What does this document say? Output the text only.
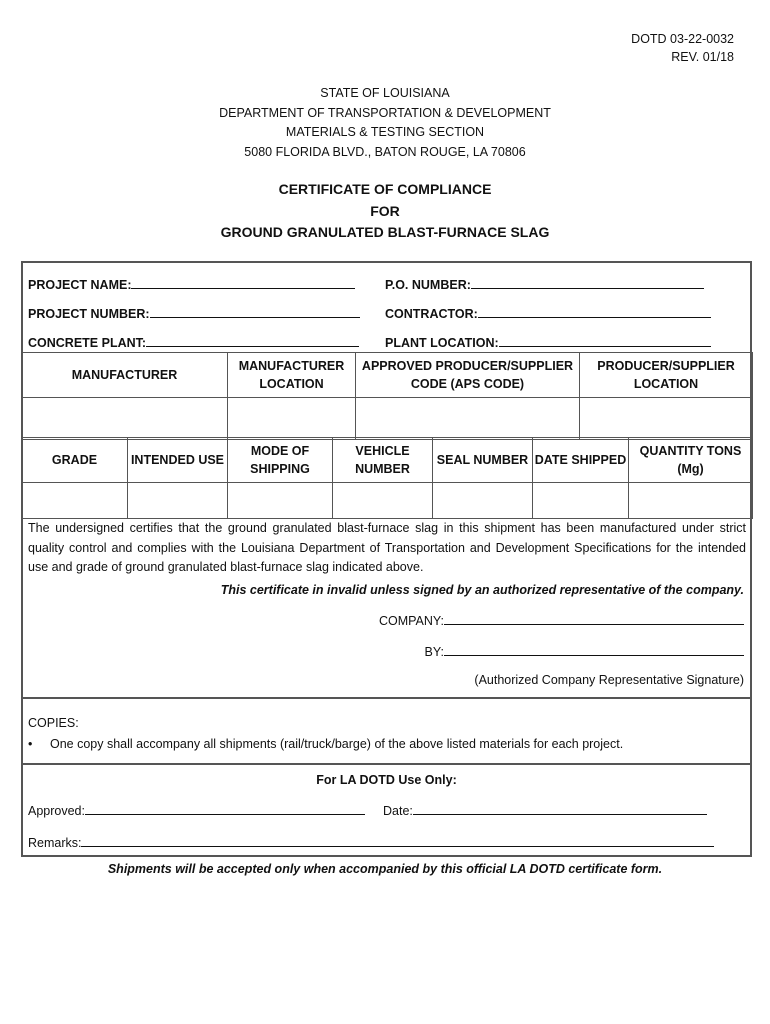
DOTD 03-22-0032
REV. 01/18
STATE OF LOUISIANA
DEPARTMENT OF TRANSPORTATION & DEVELOPMENT
MATERIALS & TESTING SECTION
5080 FLORIDA BLVD., BATON ROUGE, LA 70806
CERTIFICATE OF COMPLIANCE
FOR
GROUND GRANULATED BLAST-FURNACE SLAG
PROJECT NAME:	P.O. NUMBER:
PROJECT NUMBER:	CONTRACTOR:
CONCRETE PLANT:	PLANT LOCATION:
MANUFACTURER	MANUFACTURER LOCATION	APPROVED PRODUCER/SUPPLIER CODE (APS CODE)	PRODUCER/SUPPLIER LOCATION

GRADE	INTENDED USE	MODE OF SHIPPING	VEHICLE NUMBER	SEAL NUMBER	DATE SHIPPED	QUANTITY TONS (Mg)

The undersigned certifies that the ground granulated blast-furnace slag in this shipment has been manufactured under strict quality control and complies with the Louisiana Department of Transportation and Development Specifications for the intended use and grade of ground granulated blast-furnace slag indicated above.
This certificate in invalid unless signed by an authorized representative of the company.
COMPANY:
BY:
(Authorized Company Representative Signature)
COPIES:
• One copy shall accompany all shipments (rail/truck/barge) of the above listed materials for each project.
For LA DOTD Use Only:
Approved:	Date:
Remarks:
Shipments will be accepted only when accompanied by this official LA DOTD certificate form.
